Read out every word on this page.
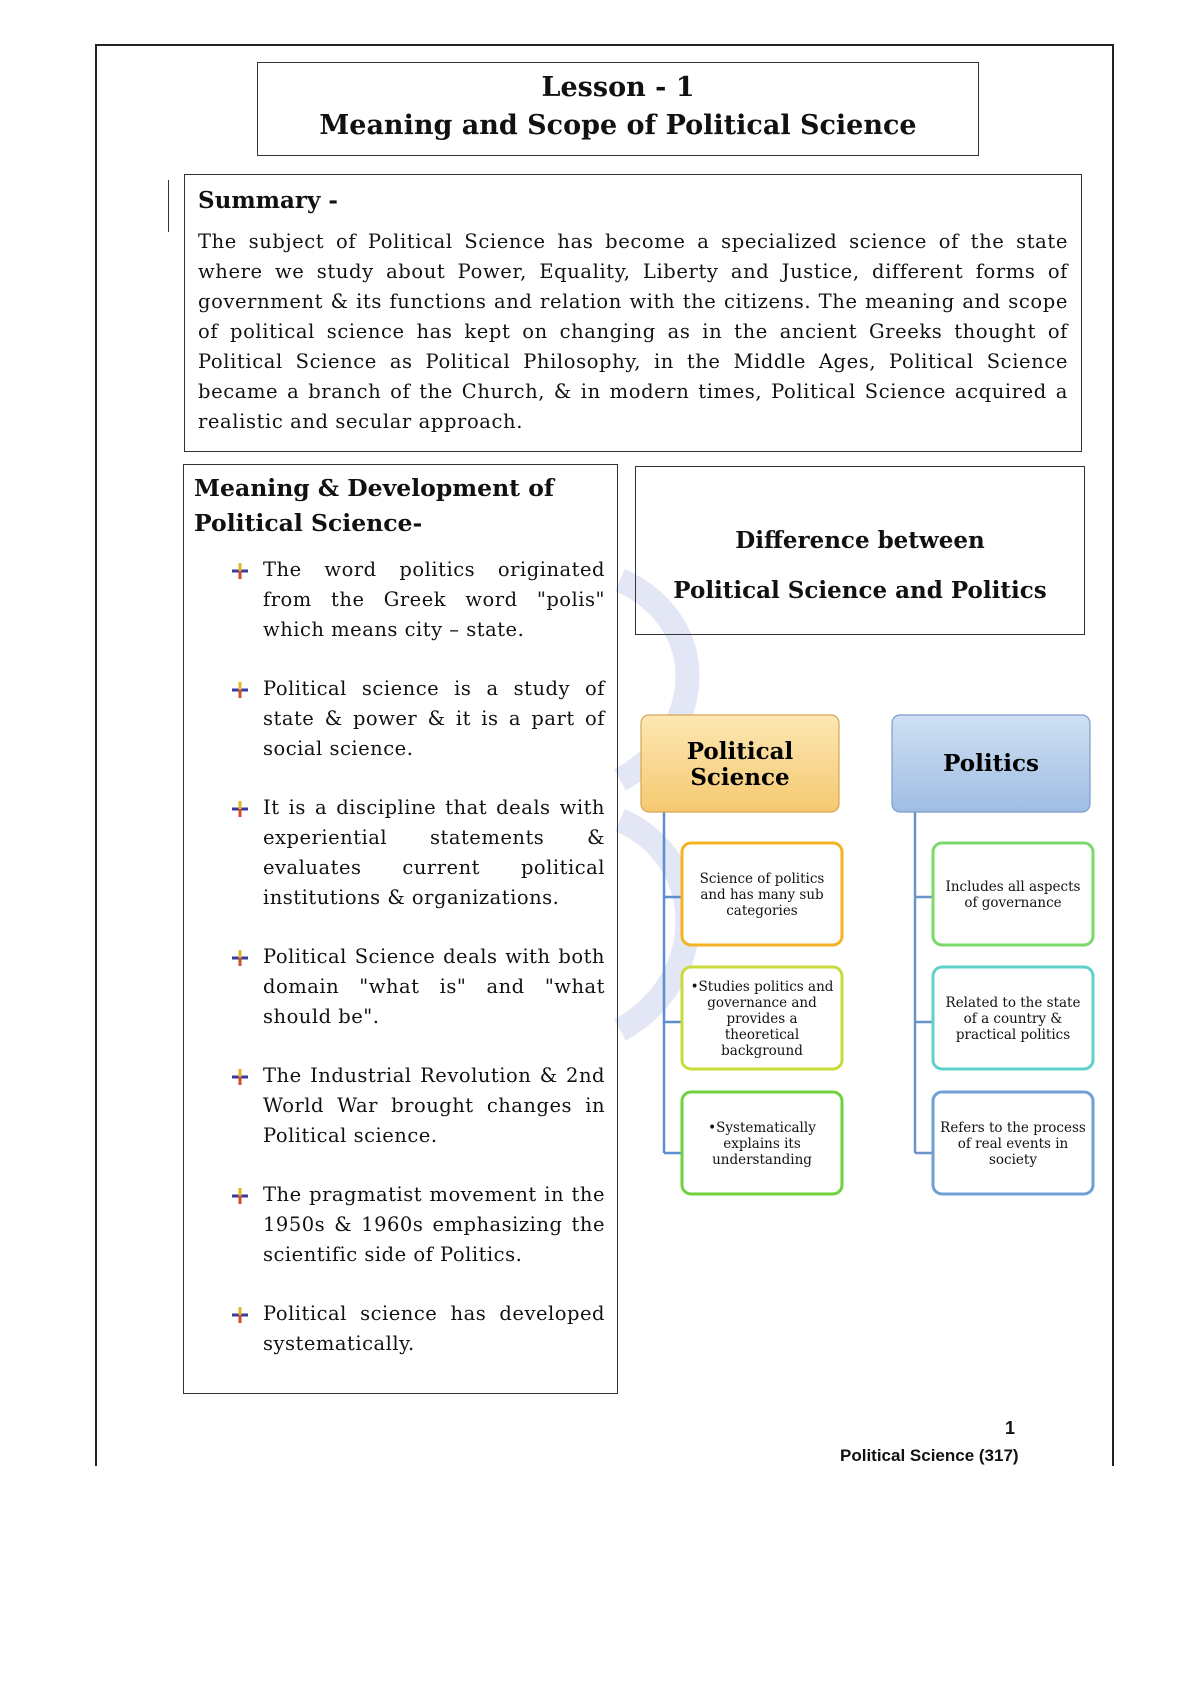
Lesson - 1
Meaning and Scope of Political Science
Summary -
The subject of Political Science has become a specialized science of the state where we study about Power, Equality, Liberty and Justice, different forms of government & its functions and relation with the citizens. The meaning and scope of political science has kept on changing as in the ancient Greeks thought of Political Science as Political Philosophy, in the Middle Ages, Political Science became a branch of the Church, & in modern times, Political Science acquired a realistic and secular approach.
Meaning & Development of Political Science-
The word politics originated from the Greek word "polis" which means city – state.
Political science is a study of state & power & it is a part of social science.
It is a discipline that deals with experiential statements & evaluates current political institutions & organizations.
Political Science deals with both domain "what is" and "what should be".
The Industrial Revolution & 2nd World War brought changes in Political science.
The pragmatist movement in the 1950s & 1960s emphasizing the scientific side of Politics.
Political science has developed systematically.
Difference between
Political Science and Politics
Political
Science
Politics
Science of politics
and has many sub
categories
•Studies politics and
governance and
provides a
theoretical
background
•Systematically
explains its
understanding
Includes all aspects
of governance
Related to the state
of a country &
practical politics
Refers to the process
of real events in
society
1
Political Science (317)
